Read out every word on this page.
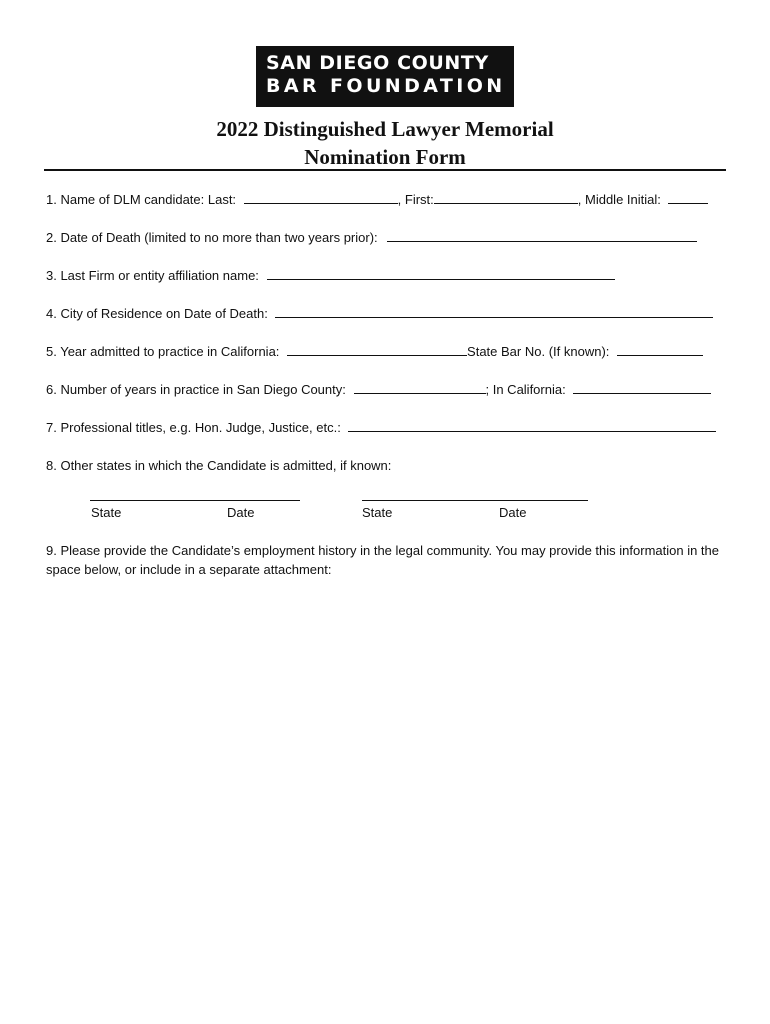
SAN DIEGO COUNTY
BAR FOUNDATION
2022 Distinguished Lawyer Memorial
Nomination Form
1. Name of DLM candidate: Last:	, First:	, Middle Initial:
2. Date of Death (limited to no more than two years prior):
3. Last Firm or entity affiliation name:
4. City of Residence on Date of Death:
5. Year admitted to practice in California:	State Bar No. (If known):
6. Number of years in practice in San Diego County:	; In California:
7. Professional titles, e.g. Hon. Judge, Justice, etc.:
8. Other states in which the Candidate is admitted, if known:
State	Date	State	Date
9. Please provide the Candidate’s employment history in the legal community. You may provide this information in the space below, or include in a separate attachment:
